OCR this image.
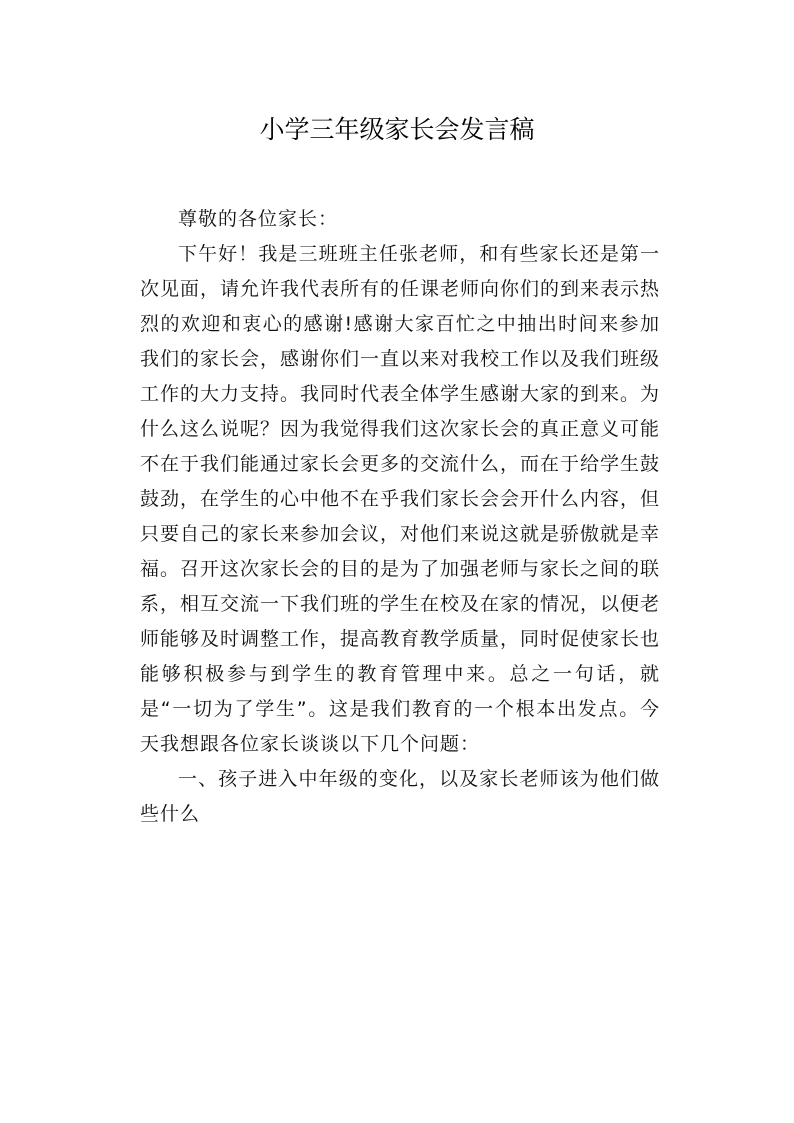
小学三年级家长会发言稿

尊敬的各位家长：

下午好！我是三班班主任张老师，和有些家长还是第一次见面，请允许我代表所有的任课老师向你们的到来表示热烈的欢迎和衷心的感谢!感谢大家百忙之中抽出时间来参加我们的家长会，感谢你们一直以来对我校工作以及我们班级工作的大力支持。我同时代表全体学生感谢大家的到来。为什么这么说呢？因为我觉得我们这次家长会的真正意义可能不在于我们能通过家长会更多的交流什么，而在于给学生鼓鼓劲，在学生的心中他不在乎我们家长会会开什么内容，但只要自己的家长来参加会议，对他们来说这就是骄傲就是幸福。召开这次家长会的目的是为了加强老师与家长之间的联系，相互交流一下我们班的学生在校及在家的情况，以便老师能够及时调整工作，提高教育教学质量，同时促使家长也能够积极参与到学生的教育管理中来。总之一句话，就是“一切为了学生”。这是我们教育的一个根本出发点。今天我想跟各位家长谈谈以下几个问题：

一、孩子进入中年级的变化，以及家长老师该为他们做些什么
